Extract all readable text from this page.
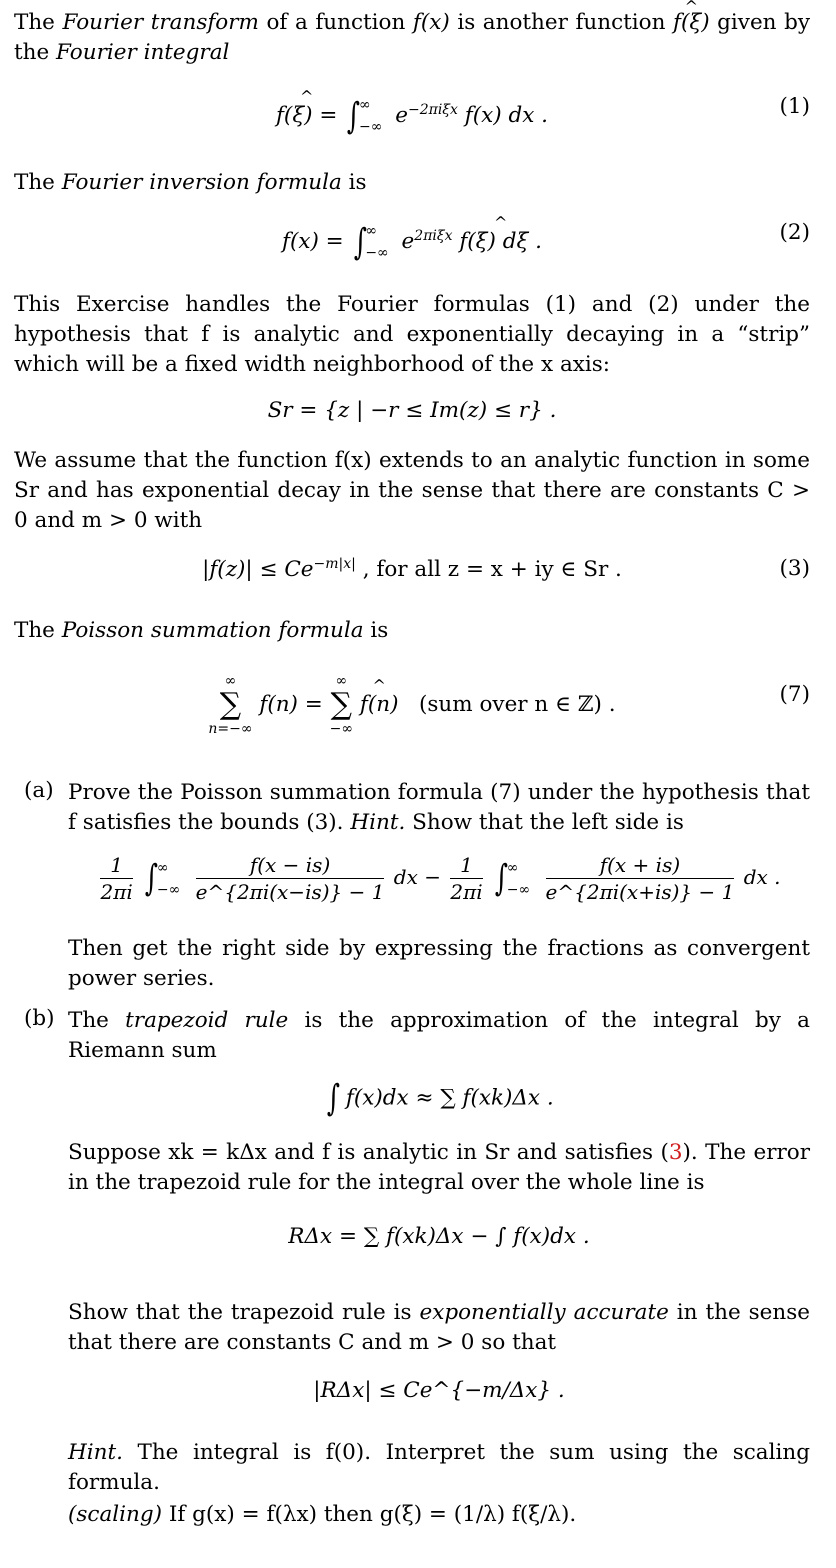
The Fourier transform of a function f(x) is another function ^ f(ξ) given by the Fourier integral

^ f(ξ) = ∫∞
−∞ $e^{-2\pi i\xi x}$ f(x) dx .	(1)

The Fourier inversion formula is

f(x) = ∫∞
−∞ $e^{2\pi i\xi x}$ ^ f(ξ) dξ .	(2)

This Exercise handles the Fourier formulas (1) and (2) under the hypothesis that f is analytic and exponentially decaying in a “strip” which will be a fixed width neighborhood of the x axis:

Sr = {z | −r ≤ Im(z) ≤ r} .

We assume that the function f(x) extends to an analytic function in some Sr and has exponential decay in the sense that there are constants C > 0 and m > 0 with

$|f(z)| \le Ce^{-m|x|}$ , for all z = x + iy ∈ Sr .	(3)

The Poisson summation formula is

∞
∑
n=−∞
f(n) =
∞
∑
−∞
^ f(n) (sum over n ∈ ℤ) .	(7)
(a) Prove the Poisson summation formula (7) under the hypothesis that f satisfies the bounds (3). Hint. Show that the left side is

$\frac{1}{2\pi i}$ ∫∞
−∞ $\frac{f(x - is)}{e\^{}\{2\pi i(x-is)\} - 1}$ dx − $\frac{1}{2\pi i}$ ∫∞
−∞ $\frac{f(x + is)}{e\^{}\{2\pi i(x+is)\} - 1}$ dx .

Then get the right side by expressing the fractions as convergent power series.

(b) The trapezoid rule is the approximation of the integral by a Riemann sum

∫ f(x)dx ≈ ∑ f(xk)Δx .

Suppose xk = kΔx and f is analytic in Sr and satisfies (3). The error in the trapezoid rule for the integral over the whole line is

RΔx = ∑ f(xk)Δx − ∫ f(x)dx .

Show that the trapezoid rule is exponentially accurate in the sense that there are constants C and m > 0 so that

|RΔx| ≤ Ce^{−m/Δx} .

Hint. The integral is f(0). Interpret the sum using the scaling formula.

(scaling) If g(x) = f(λx) then g(ξ) = (1/λ) f(ξ/λ).
